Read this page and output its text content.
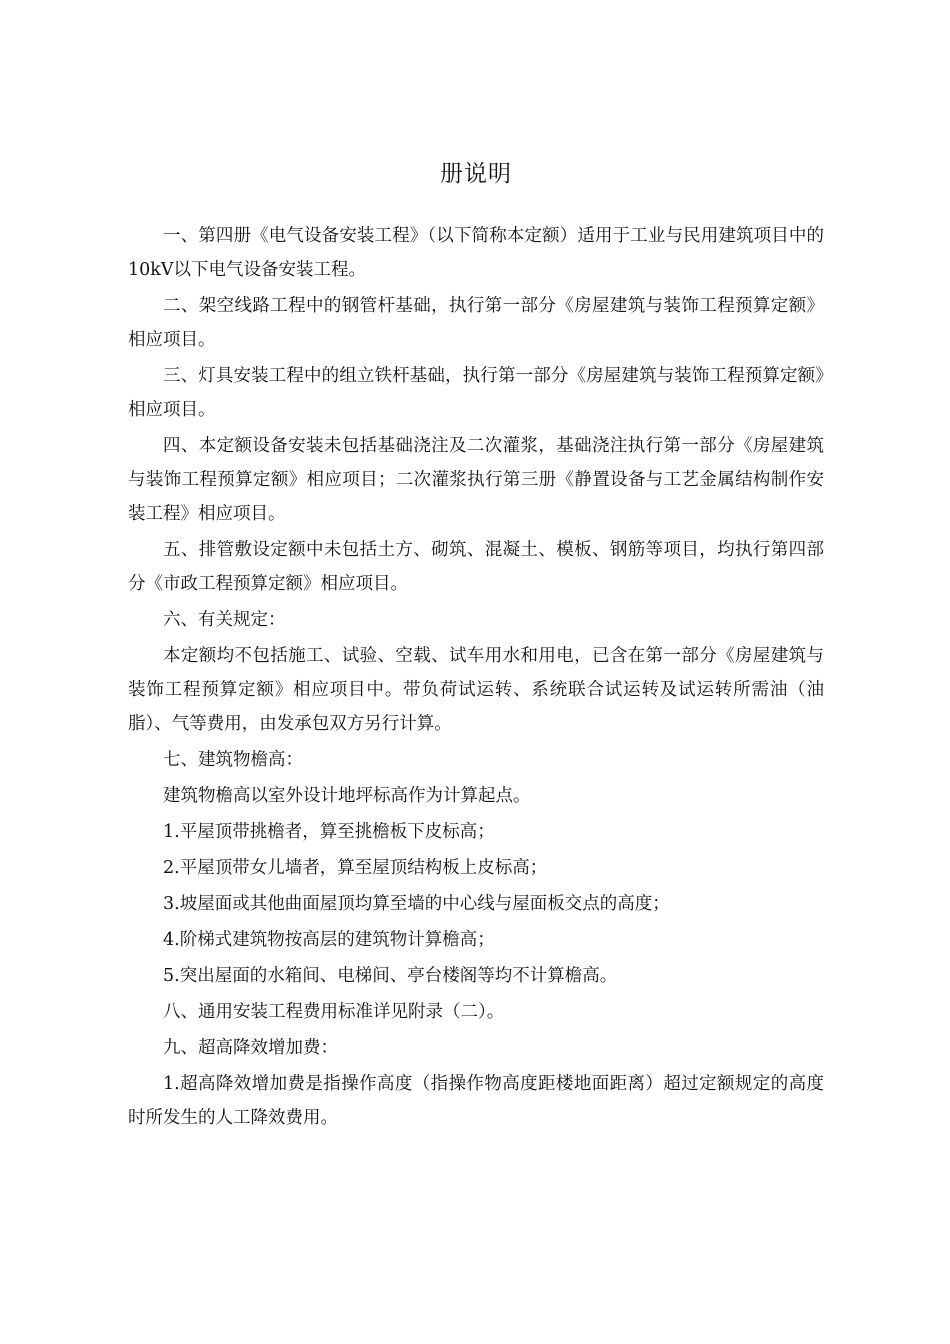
册说明

一、第四册《电气设备安装工程》（以下简称本定额）适用于工业与民用建筑项目中的10kV以下电气设备安装工程。

二、架空线路工程中的钢管杆基础，执行第一部分《房屋建筑与装饰工程预算定额》相应项目。

三、灯具安装工程中的组立铁杆基础，执行第一部分《房屋建筑与装饰工程预算定额》相应项目。

四、本定额设备安装未包括基础浇注及二次灌浆，基础浇注执行第一部分《房屋建筑与装饰工程预算定额》相应项目；二次灌浆执行第三册《静置设备与工艺金属结构制作安装工程》相应项目。

五、排管敷设定额中未包括土方、砌筑、混凝土、模板、钢筋等项目，均执行第四部分《市政工程预算定额》相应项目。

六、有关规定：

本定额均不包括施工、试验、空载、试车用水和用电，已含在第一部分《房屋建筑与装饰工程预算定额》相应项目中。带负荷试运转、系统联合试运转及试运转所需油（油脂）、气等费用，由发承包双方另行计算。

七、建筑物檐高：

建筑物檐高以室外设计地坪标高作为计算起点。

1.平屋顶带挑檐者，算至挑檐板下皮标高；

2.平屋顶带女儿墙者，算至屋顶结构板上皮标高；

3.坡屋面或其他曲面屋顶均算至墙的中心线与屋面板交点的高度；

4.阶梯式建筑物按高层的建筑物计算檐高；

5.突出屋面的水箱间、电梯间、亭台楼阁等均不计算檐高。

八、通用安装工程费用标准详见附录（二）。

九、超高降效增加费：

1.超高降效增加费是指操作高度（指操作物高度距楼地面距离）超过定额规定的高度时所发生的人工降效费用。
